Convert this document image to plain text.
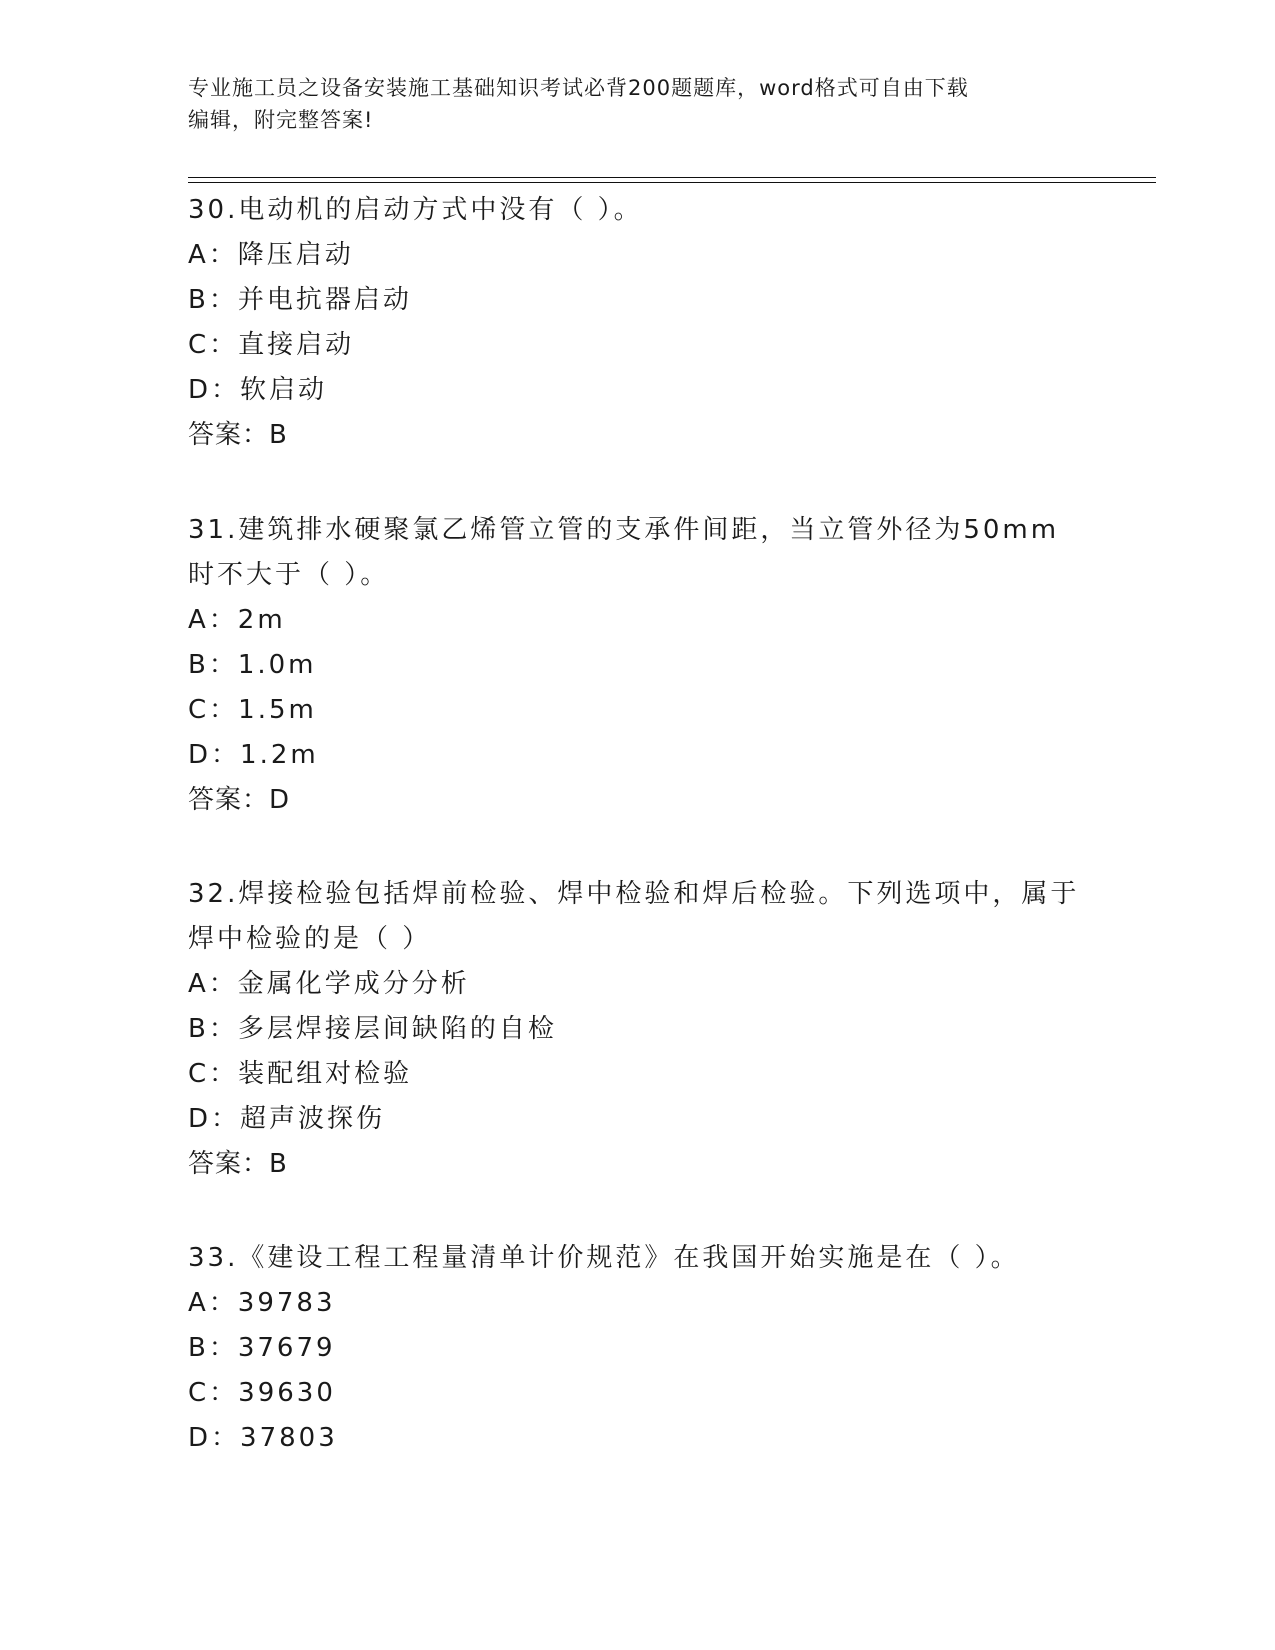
专业施工员之设备安装施工基础知识考试必背200题题库，word格式可自由下载
编辑，附完整答案!

30.电动机的启动方式中没有（ ）。

A：降压启动

B：并电抗器启动

C：直接启动

D：软启动

答案：B

31.建筑排水硬聚氯乙烯管立管的支承件间距，当立管外径为50mm时不大于（ ）。

A：2m

B：1.0m

C：1.5m

D：1.2m

答案：D

32.焊接检验包括焊前检验、焊中检验和焊后检验。下列选项中，属于焊中检验的是（ ）

A：金属化学成分分析

B：多层焊接层间缺陷的自检

C：装配组对检验

D：超声波探伤

答案：B

33.《建设工程工程量清单计价规范》在我国开始实施是在（ ）。

A：39783

B：37679

C：39630

D：37803
